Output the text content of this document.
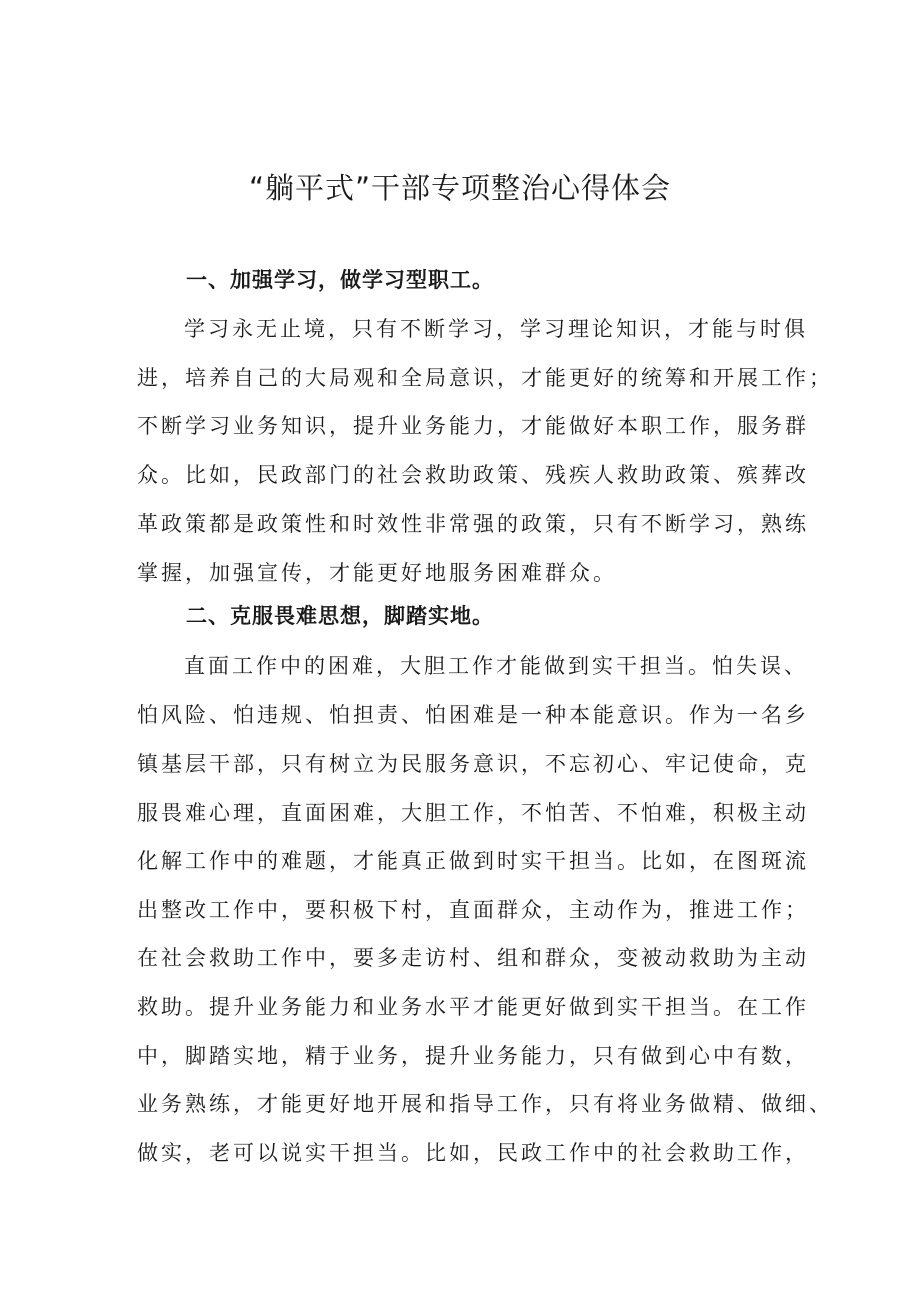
“躺平式”干部专项整治心得体会
一、加强学习，做学习型职工。
学习永无止境，只有不断学习，学习理论知识，才能与时俱
进，培养自己的大局观和全局意识，才能更好的统筹和开展工作；
不断学习业务知识，提升业务能力，才能做好本职工作，服务群
众。比如，民政部门的社会救助政策、残疾人救助政策、殡葬改
革政策都是政策性和时效性非常强的政策，只有不断学习，熟练
掌握，加强宣传，才能更好地服务困难群众。
二、克服畏难思想，脚踏实地。
直面工作中的困难，大胆工作才能做到实干担当。怕失误、
怕风险、怕违规、怕担责、怕困难是一种本能意识。作为一名乡
镇基层干部，只有树立为民服务意识，不忘初心、牢记使命，克
服畏难心理，直面困难，大胆工作，不怕苦、不怕难，积极主动
化解工作中的难题，才能真正做到时实干担当。比如，在图斑流
出整改工作中，要积极下村，直面群众，主动作为，推进工作；
在社会救助工作中，要多走访村、组和群众，变被动救助为主动
救助。提升业务能力和业务水平才能更好做到实干担当。在工作
中，脚踏实地，精于业务，提升业务能力，只有做到心中有数，
业务熟练，才能更好地开展和指导工作，只有将业务做精、做细、
做实，老可以说实干担当。比如，民政工作中的社会救助工作，
